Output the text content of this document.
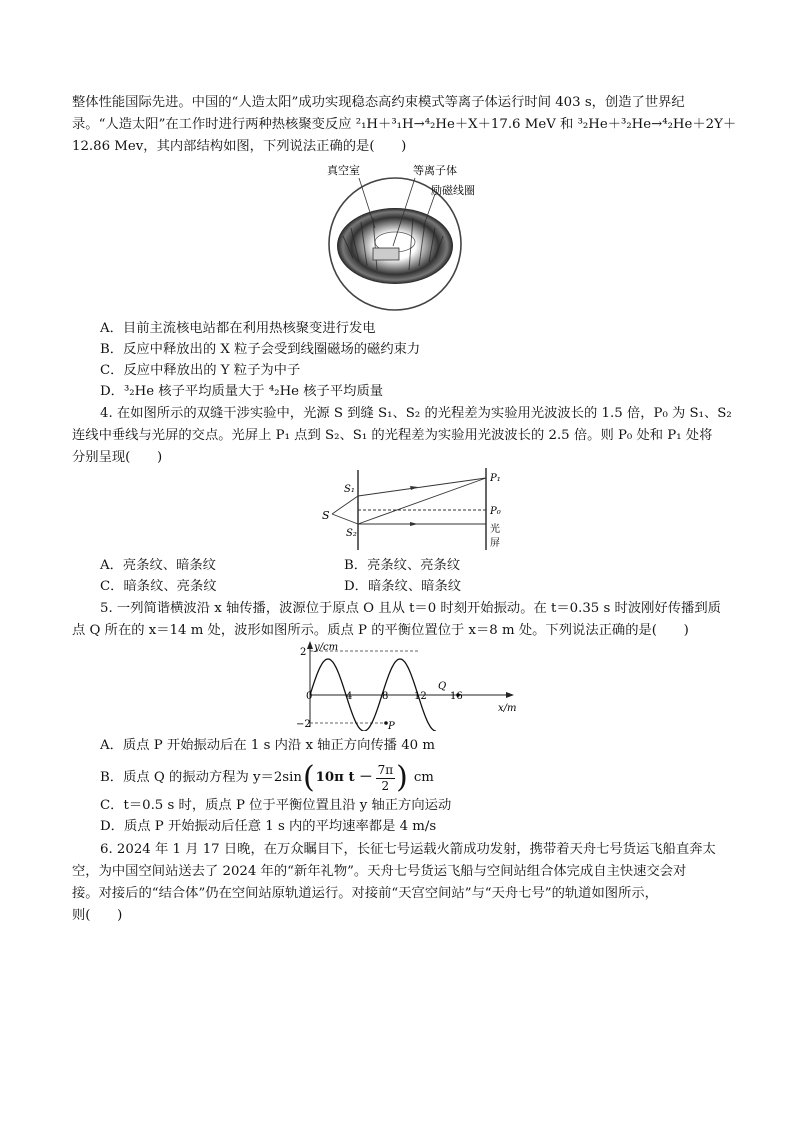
整体性能国际先进。中国的“人造太阳”成功实现稳态高约束模式等离子体运行时间 403 s，创造了世界纪
录。“人造太阳”在工作时进行两种热核聚变反应 ²₁H＋³₁H→⁴₂He＋X＋17.6 MeV 和 ³₂He＋³₂He→⁴₂He＋2Y＋
12.86 Mev，其内部结构如图，下列说法正确的是(　　)
真空室	等离子体
励磁线圈
A．目前主流核电站都在利用热核聚变进行发电
B．反应中释放出的 X 粒子会受到线圈磁场的磁约束力
C．反应中释放出的 Y 粒子为中子
D．³₂He 核子平均质量大于 ⁴₂He 核子平均质量
4. 在如图所示的双缝干涉实验中，光源 S 到缝 S₁、S₂ 的光程差为实验用光波波长的 1.5 倍，P₀ 为 S₁、S₂
连线中垂线与光屏的交点。光屏上 P₁ 点到 S₂、S₁ 的光程差为实验用光波波长的 2.5 倍。则 P₀ 处和 P₁ 处将
分别呈现(　　)
S
S₁
S₂
P₁
P₀
光
屏
A．亮条纹、暗条纹	B．亮条纹、亮条纹
C．暗条纹、亮条纹	D．暗条纹、暗条纹
5. 一列简谐横波沿 x 轴传播，波源位于原点 O 且从 t＝0 时刻开始振动。在 t＝0.35 s 时波刚好传播到质
点 Q 所在的 x＝14 m 处，波形如图所示。质点 P 的平衡位置位于 x＝8 m 处。下列说法正确的是(　　)
y/cm
x/m
0
2
−2
4	8	12 16
Q
P
A．质点 P 开始振动后在 1 s 内沿 x 轴正方向传播 40 m
B．质点 Q 的振动方程为 y＝2sin ( 10π $t - \frac{7\pi}{2}$ ) cm
C．t＝0.5 s 时，质点 P 位于平衡位置且沿 y 轴正方向运动
D．质点 P 开始振动后任意 1 s 内的平均速率都是 4 m/s
6. 2024 年 1 月 17 日晚，在万众瞩目下，长征七号运载火箭成功发射，携带着天舟七号货运飞船直奔太
空，为中国空间站送去了 2024 年的“新年礼物”。天舟七号货运飞船与空间站组合体完成自主快速交会对
接。对接后的“结合体”仍在空间站原轨道运行。对接前“天宫空间站”与“天舟七号”的轨道如图所示，
则(　　)
